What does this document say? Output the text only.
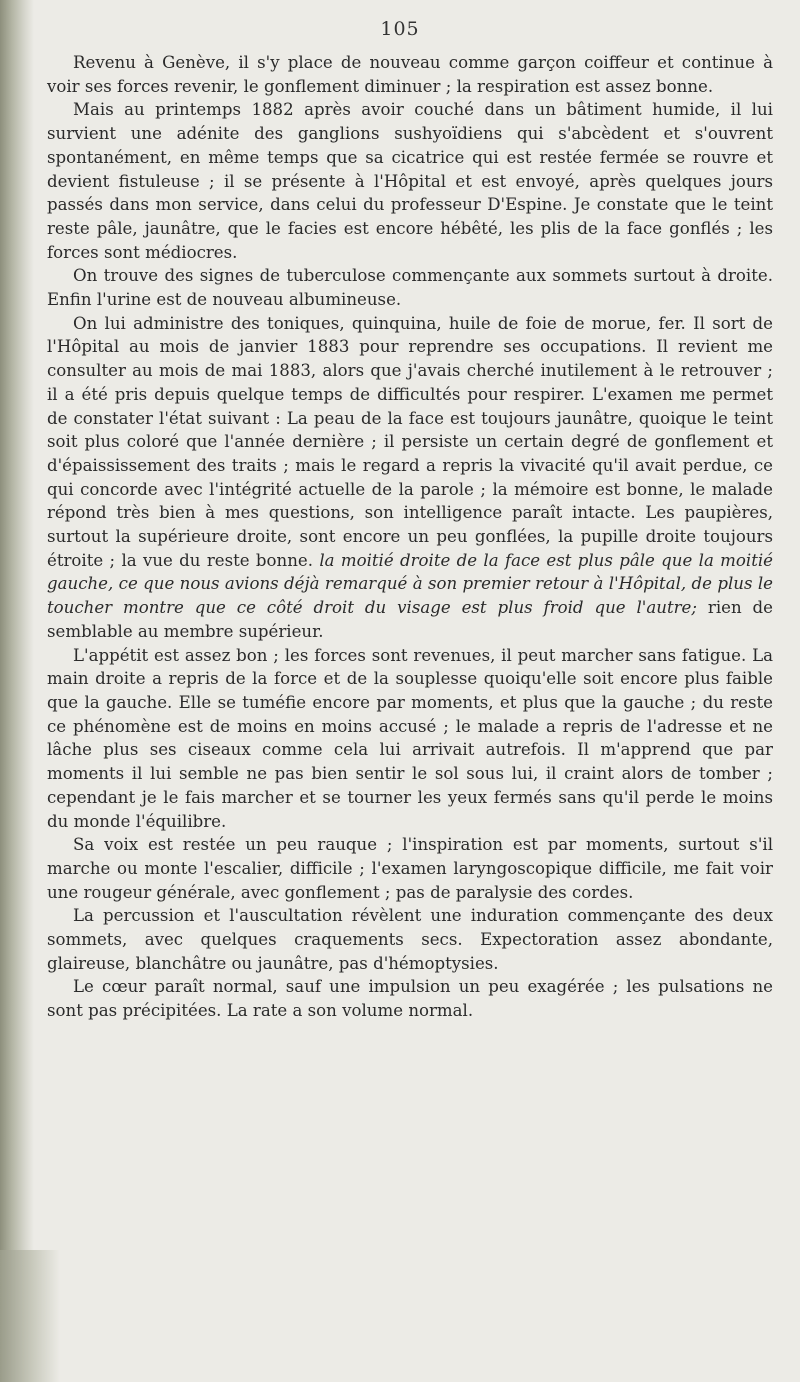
105

Revenu à Genève, il s'y place de nouveau comme garçon coiffeur et continue à voir ses forces revenir, le gonflement diminuer ; la respiration est assez bonne.

Mais au printemps 1882 après avoir couché dans un bâtiment humide, il lui survient une adénite des ganglions sushyoïdiens qui s'abcèdent et s'ouvrent spontanément, en même temps que sa cicatrice qui est restée fermée se rouvre et devient fistuleuse ; il se présente à l'Hôpital et est envoyé, après quelques jours passés dans mon service, dans celui du professeur D'Espine. Je constate que le teint reste pâle, jaunâtre, que le facies est encore hébêté, les plis de la face gonflés ; les forces sont médiocres.

On trouve des signes de tuberculose commençante aux sommets surtout à droite. Enfin l'urine est de nouveau albumineuse.

On lui administre des toniques, quinquina, huile de foie de morue, fer. Il sort de l'Hôpital au mois de janvier 1883 pour reprendre ses occupations. Il revient me consulter au mois de mai 1883, alors que j'avais cherché inutilement à le retrouver ; il a été pris depuis quelque temps de difficultés pour respirer. L'examen me permet de constater l'état suivant : La peau de la face est toujours jaunâtre, quoique le teint soit plus coloré que l'année dernière ; il persiste un certain degré de gonflement et d'épaississement des traits ; mais le regard a repris la vivacité qu'il avait perdue, ce qui concorde avec l'intégrité actuelle de la parole ; la mémoire est bonne, le malade répond très bien à mes questions, son intelligence paraît intacte. Les paupières, surtout la supérieure droite, sont encore un peu gonflées, la pupille droite toujours étroite ; la vue du reste bonne. la moitié droite de la face est plus pâle que la moitié gauche, ce que nous avions déjà remarqué à son premier retour à l'Hôpital, de plus le toucher montre que ce côté droit du visage est plus froid que l'autre; rien de semblable au membre supérieur.

L'appétit est assez bon ; les forces sont revenues, il peut marcher sans fatigue. La main droite a repris de la force et de la souplesse quoiqu'elle soit encore plus faible que la gauche. Elle se tuméfie encore par moments, et plus que la gauche ; du reste ce phénomène est de moins en moins accusé ; le malade a repris de l'adresse et ne lâche plus ses ciseaux comme cela lui arrivait autrefois. Il m'apprend que par moments il lui semble ne pas bien sentir le sol sous lui, il craint alors de tomber ; cependant je le fais marcher et se tourner les yeux fermés sans qu'il perde le moins du monde l'équilibre.

Sa voix est restée un peu rauque ; l'inspiration est par moments, surtout s'il marche ou monte l'escalier, difficile ; l'examen laryngoscopique difficile, me fait voir une rougeur générale, avec gonflement ; pas de paralysie des cordes.

La percussion et l'auscultation révèlent une induration commençante des deux sommets, avec quelques craquements secs. Expectoration assez abondante, glaireuse, blanchâtre ou jaunâtre, pas d'hémoptysies.

Le cœur paraît normal, sauf une impulsion un peu exagérée ; les pulsations ne sont pas précipitées. La rate a son volume normal.
